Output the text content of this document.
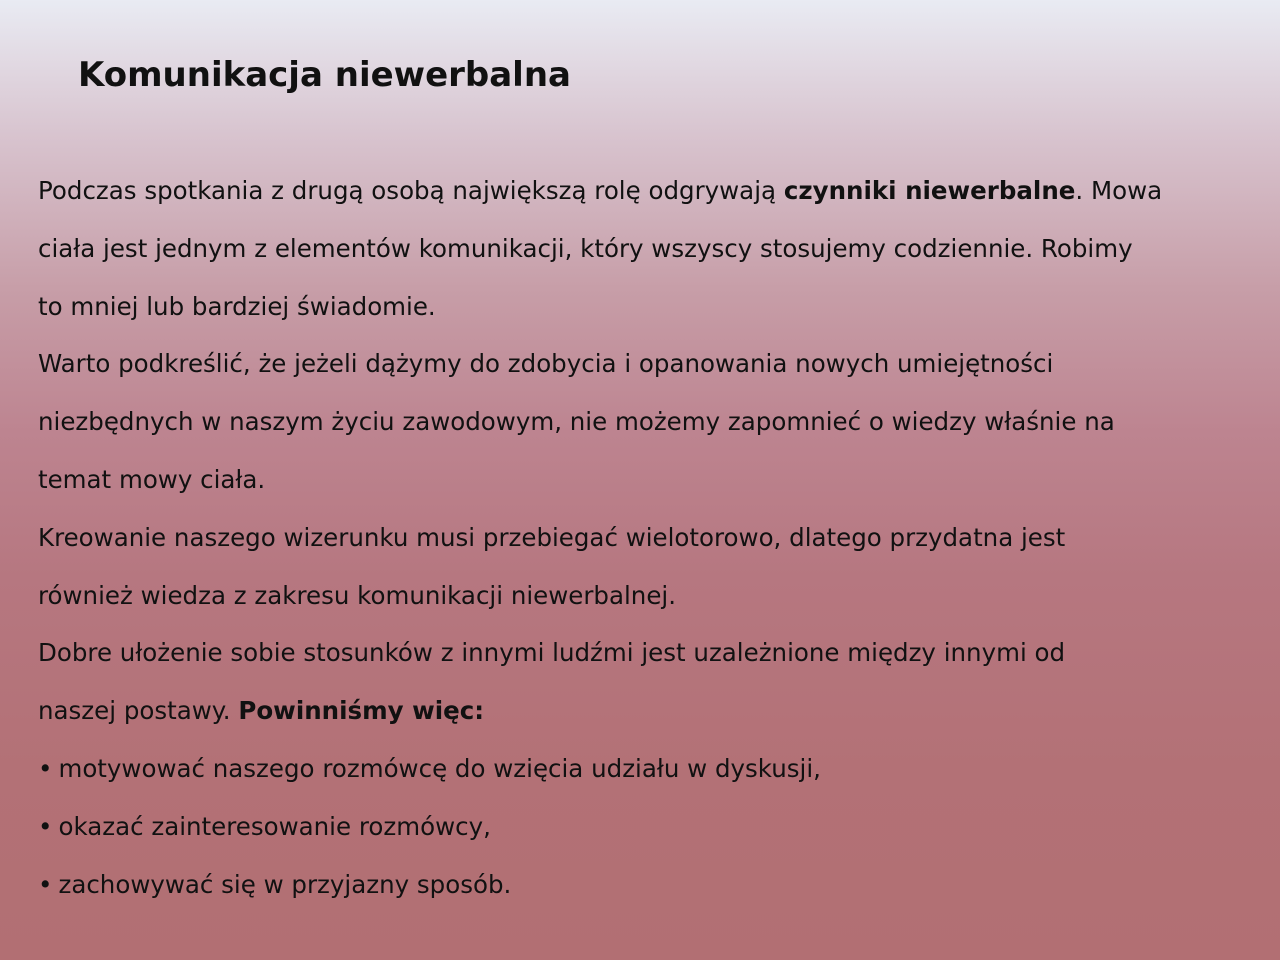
Komunikacja niewerbalna
Podczas spotkania z drugą osobą największą rolę odgrywają czynniki niewerbalne. Mowa
ciała jest jednym z elementów komunikacji, który wszyscy stosujemy codziennie. Robimy
to mniej lub bardziej świadomie.
Warto podkreślić, że jeżeli dążymy do zdobycia i opanowania nowych umiejętności
niezbędnych w naszym życiu zawodowym, nie możemy zapomnieć o wiedzy właśnie na
temat mowy ciała.
Kreowanie naszego wizerunku musi przebiegać wielotorowo, dlatego przydatna jest
również wiedza z zakresu komunikacji niewerbalnej.
Dobre ułożenie sobie stosunków z innymi ludźmi jest uzależnione między innymi od
naszej postawy. Powinniśmy więc:
• motywować naszego rozmówcę do wzięcia udziału w dyskusji,
• okazać zainteresowanie rozmówcy,
• zachowywać się w przyjazny sposób.
